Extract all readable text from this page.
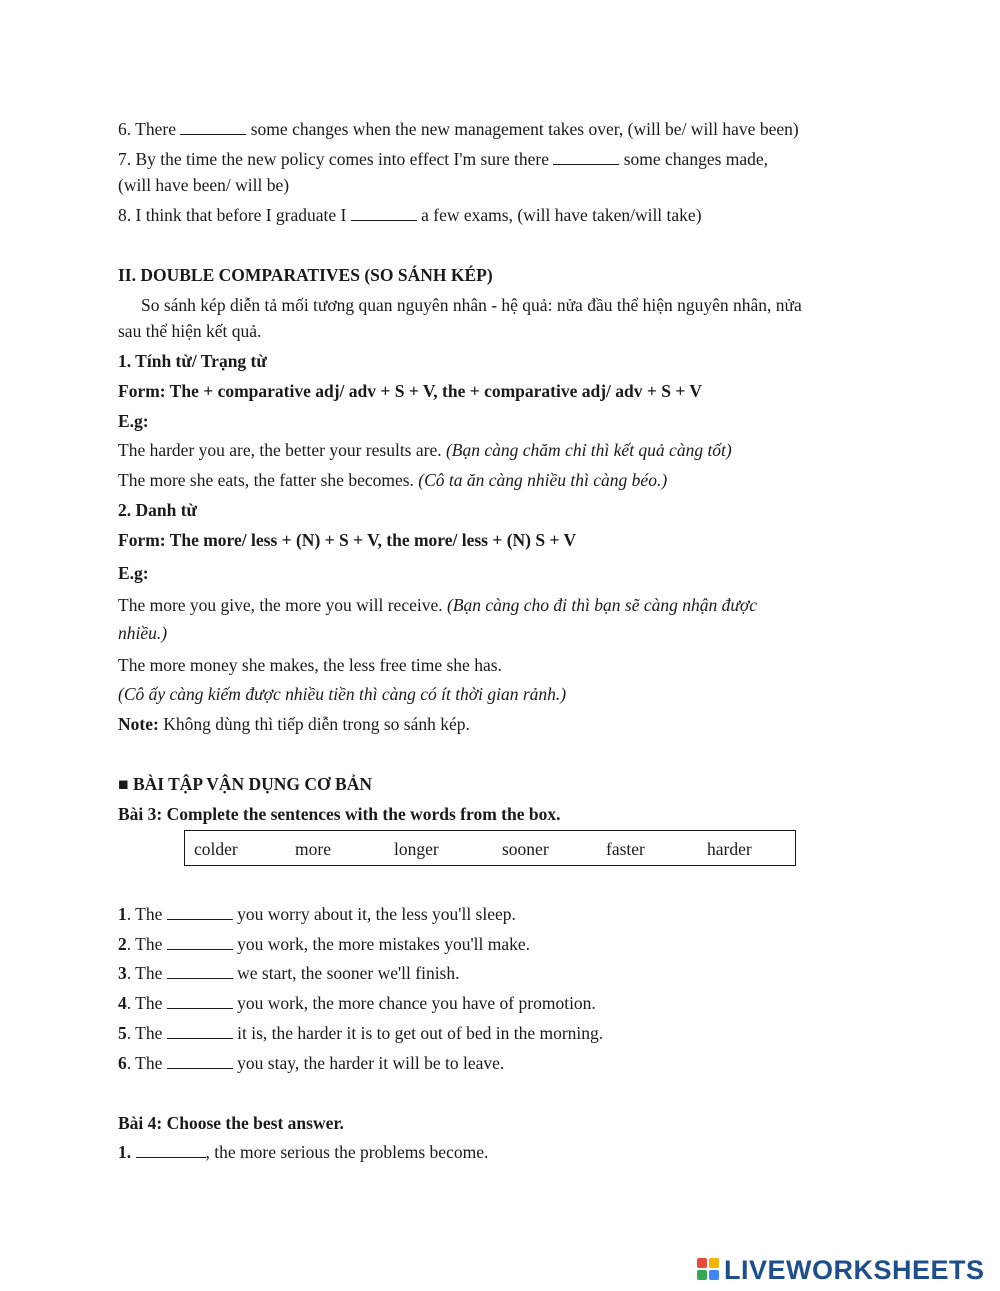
6. There	some changes when the new management takes over, (will be/ will have been)
7. By the time the new policy comes into effect I'm sure there	some changes made,
(will have been/ will be)
8. I think that before I graduate I	a few exams, (will have taken/will take)
II. DOUBLE COMPARATIVES (SO SÁNH KÉP)
So sánh kép diễn tả mối tương quan nguyên nhân - hệ quả: nửa đầu thể hiện nguyên nhân, nửa
sau thể hiện kết quả.
1. Tính từ/ Trạng từ
Form: The + comparative adj/ adv + S + V, the + comparative adj/ adv + S + V
E.g:
The harder you are, the better your results are. (Bạn càng chăm chỉ thì kết quả càng tốt)
The more she eats, the fatter she becomes. (Cô ta ăn càng nhiều thì càng béo.)
2. Danh từ
Form: The more/ less + (N) + S + V, the more/ less + (N) S + V
E.g:
The more you give, the more you will receive. (Bạn càng cho đi thì bạn sẽ càng nhận được
nhiều.)
The more money she makes, the less free time she has.
(Cô ấy càng kiếm được nhiều tiền thì càng có ít thời gian rảnh.)
Note: Không dùng thì tiếp diễn trong so sánh kép.
■ BÀI TẬP VẬN DỤNG CƠ BẢN
Bài 3: Complete the sentences with the words from the box.
colder	more	longer	sooner	faster	harder
1. The	you worry about it, the less you'll sleep.
2. The	you work, the more mistakes you'll make.
3. The	we start, the sooner we'll finish.
4. The	you work, the more chance you have of promotion.
5. The	it is, the harder it is to get out of bed in the morning.
6. The	you stay, the harder it will be to leave.
Bài 4: Choose the best answer.
1.	, the more serious the problems become.
LIVEWORKSHEETS
